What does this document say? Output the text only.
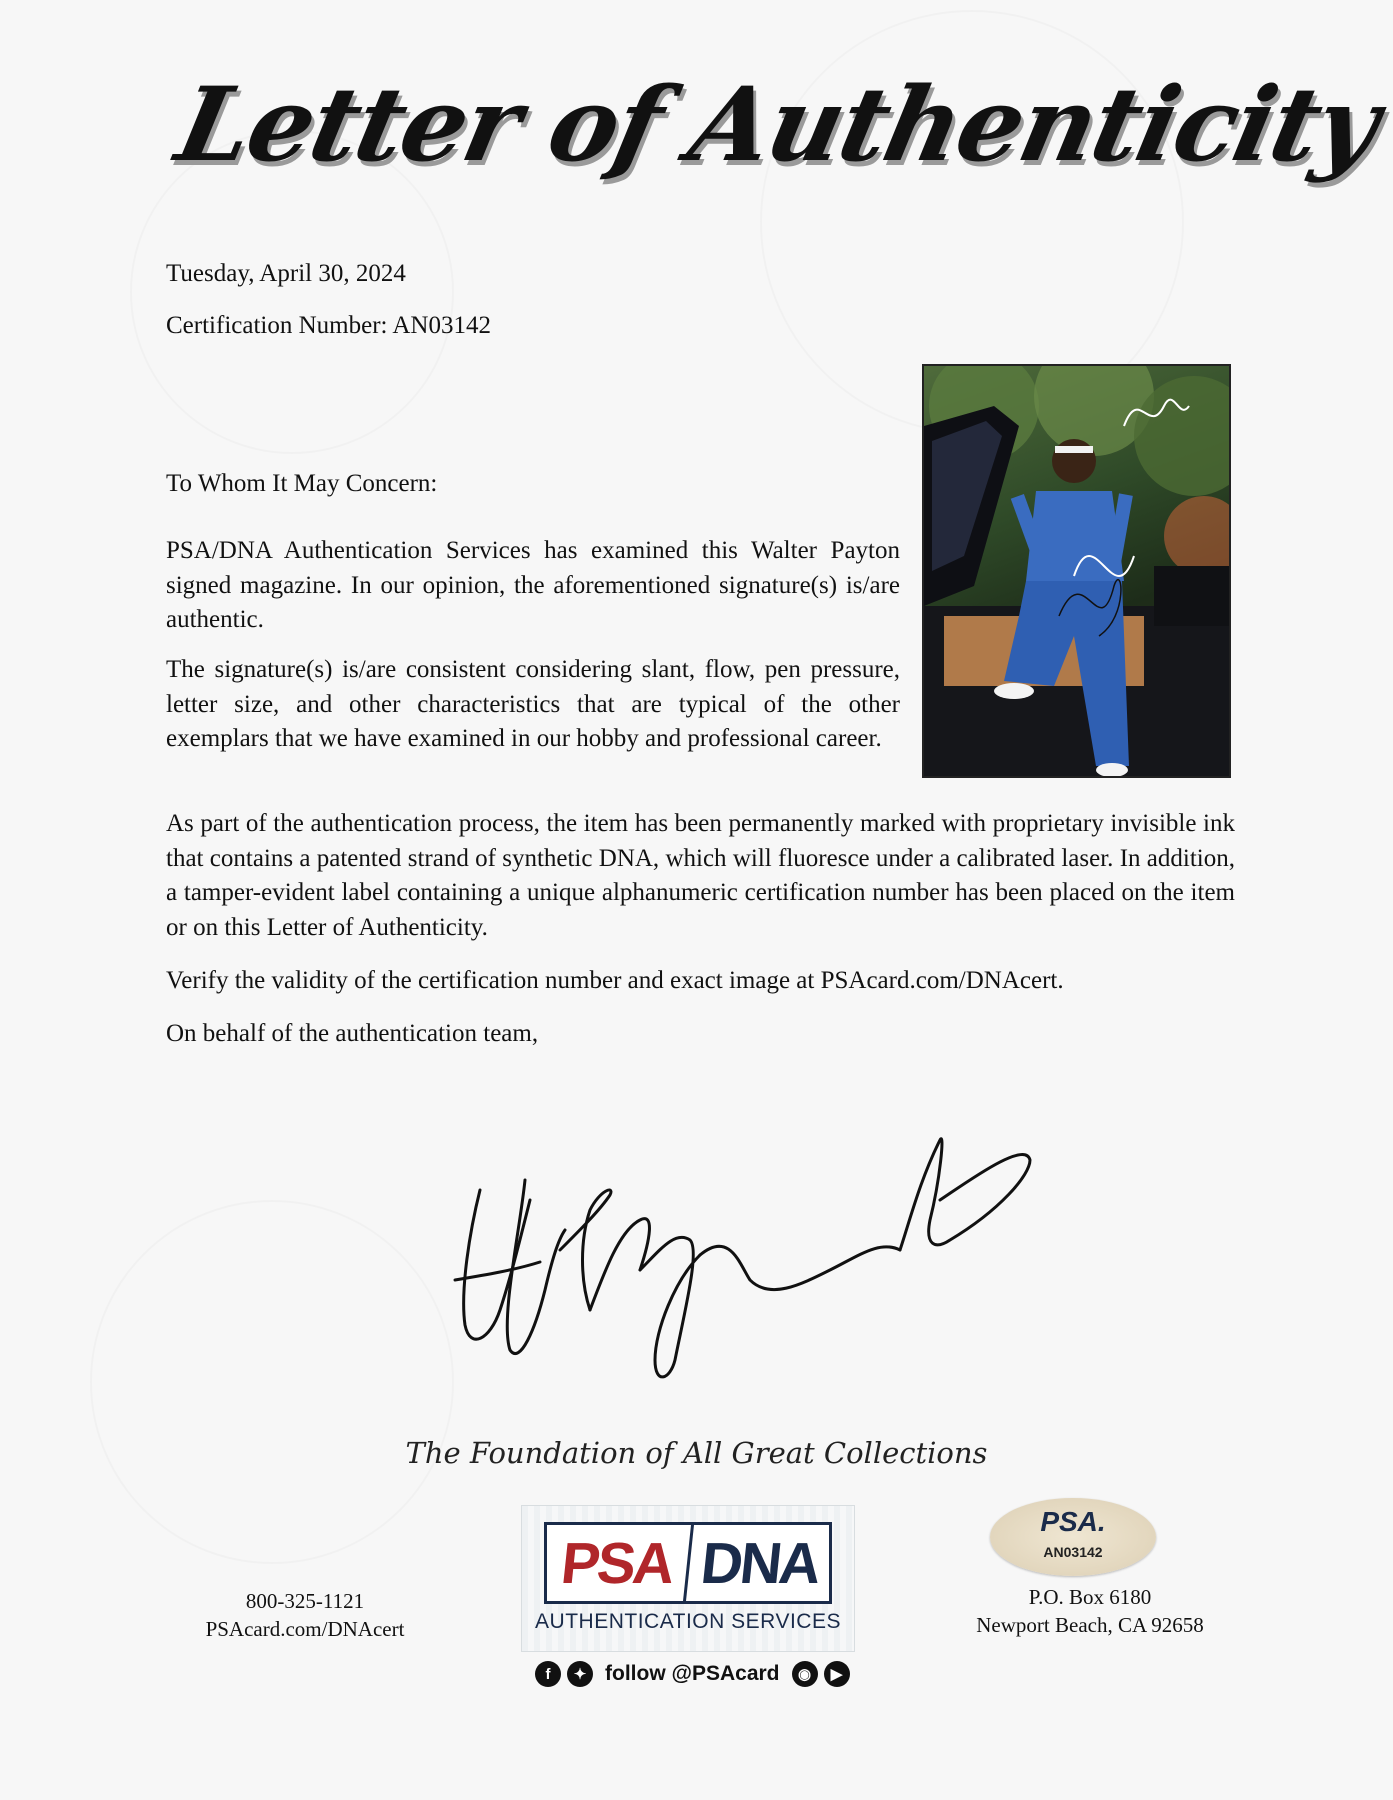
Letter of Authenticity
Tuesday, April 30, 2024
Certification Number: AN03142
To Whom It May Concern:

PSA/DNA Authentication Services has examined this Walter Payton signed magazine. In our opinion, the aforementioned signature(s) is/are authentic.

The signature(s) is/are consistent considering slant, flow, pen pressure, letter size, and other characteristics that are typical of the other exemplars that we have examined in our hobby and professional career.

As part of the authentication process, the item has been permanently marked with proprietary invisible ink that contains a patented strand of synthetic DNA, which will fluoresce under a calibrated laser. In addition, a tamper-evident label containing a unique alphanumeric certification number has been placed on the item or on this Letter of Authenticity.

Verify the validity of the certification number and exact image at PSAcard.com/DNAcert.

On behalf of the authentication team,

The Foundation of All Great Collections
800-325-1121
PSAcard.com/DNAcert
PSA DNA
AUTHENTICATION SERVICES
f	✦ follow @PSAcard	◉	▶
PSA.
AN03142
P.O. Box 6180
Newport Beach, CA 92658
